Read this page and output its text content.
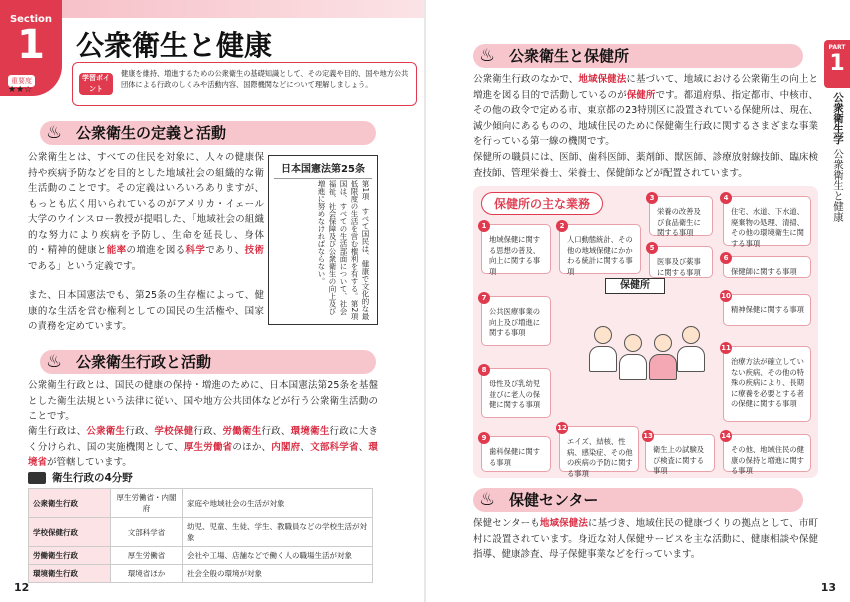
Section
1
重要度
★★☆
公衆衛生と健康
学習ポイント
健康を維持、増進するための公衆衛生の基礎知識として、その定義や目的、国や地方公共団体による行政のしくみや活動内容、国際機関などについて理解しましょう。
♨ 公衆衛生の定義と活動
公衆衛生とは、すべての住民を対象に、人々の健康保持や疾病予防などを目的とした地域社会の組織的な衛生活動のことです。その定義はいろいろありますが、もっとも広く用いられているのがアメリカ・イェール大学のウインスロー教授が提唱した、「地域社会の組織的な努力により疾病を予防し、生命を延長し、身体的・精神的健康と能率の増進を図る科学であり、技術である」という定義です。
また、日本国憲法でも、第25条の生存権によって、健康的な生活を営む権利としての国民の生活権や、国家の責務を定めています。
日本国憲法第25条
第1項　すべて国民は、健康で文化的な最低限度の生活を営む権利を有する。第2項　国は、すべての生活部面について、社会福祉、社会保障及び公衆衛生の向上及び増進に努めなければならない。
♨ 公衆衛生行政と活動
公衆衛生行政とは、国民の健康の保持・増進のために、日本国憲法第25条を基盤とした衛生法規という法律に従い、国や地方公共団体などが行う公衆衛生活動のことです。
衛生行政は、公衆衛生行政、学校保健行政、労働衛生行政、環境衛生行政に大きく分けられ、国の実施機関として、厚生労働省のほか、内閣府、文部科学省、環境省が管轄しています。
衛生行政の4分野
公衆衛生行政	厚生労働省・内閣府	家庭や地域社会の生活が対象
学校保健行政	文部科学省	幼児、児童、生徒、学生、教職員などの学校生活が対象
労働衛生行政	厚生労働省	会社や工場、店舗などで働く人の職場生活が対象
環境衛生行政	環境省ほか	社会全般の環境が対象
12
PART
1
公衆衛生学 公衆衛生と健康
♨ 公衆衛生と保健所
公衆衛生行政のなかで、地域保健法に基づいて、地域における公衆衛生の向上と増進を図る目的で活動しているのが保健所です。都道府県、指定都市、中核市、その他の政令で定める市、東京都の23特別区に設置されている保健所は、現在、減少傾向にあるものの、地域住民のために保健衛生行政に関するさまざまな事業を行っている第一線の機関です。
保健所の職員には、医師、歯科医師、薬剤師、獣医師、診療放射線技師、臨床検査技師、管理栄養士、栄養士、保健師などが配置されています。
保健所の主な業務
1
地域保健に関する思想の普及、向上に関する事項
2
人口動態統計、その他の地域保健にかかわる統計に関する事項
3
栄養の改善及び食品衛生に関する事項
4
住宅、水道、下水道、廃棄物の処理、清掃、その他の環境衛生に関する事項
5
医事及び薬事に関する事項
6
保健師に関する事項
7
公共医療事業の向上及び増進に関する事項
10
精神保健に関する事項
8
母性及び乳幼児並びに老人の保健に関する事項
11
治療方法が確立していない疾病、その他の特殊の疾病により、長期に療養を必要とする者の保健に関する事項
9
歯科保健に関する事項
12
エイズ、結核、性病、感染症、その他の疾病の予防に関する事項
13
衛生上の試験及び検査に関する事項
14
その他、地域住民の健康の保持と増進に関する事項
保健所
♨ 保健センター
保健センターも地域保健法に基づき、地域住民の健康づくりの拠点として、市町村に設置されています。身近な対人保健サービスを主な活動に、健康相談や保健指導、健康診査、母子保健事業などを行っています。
13
